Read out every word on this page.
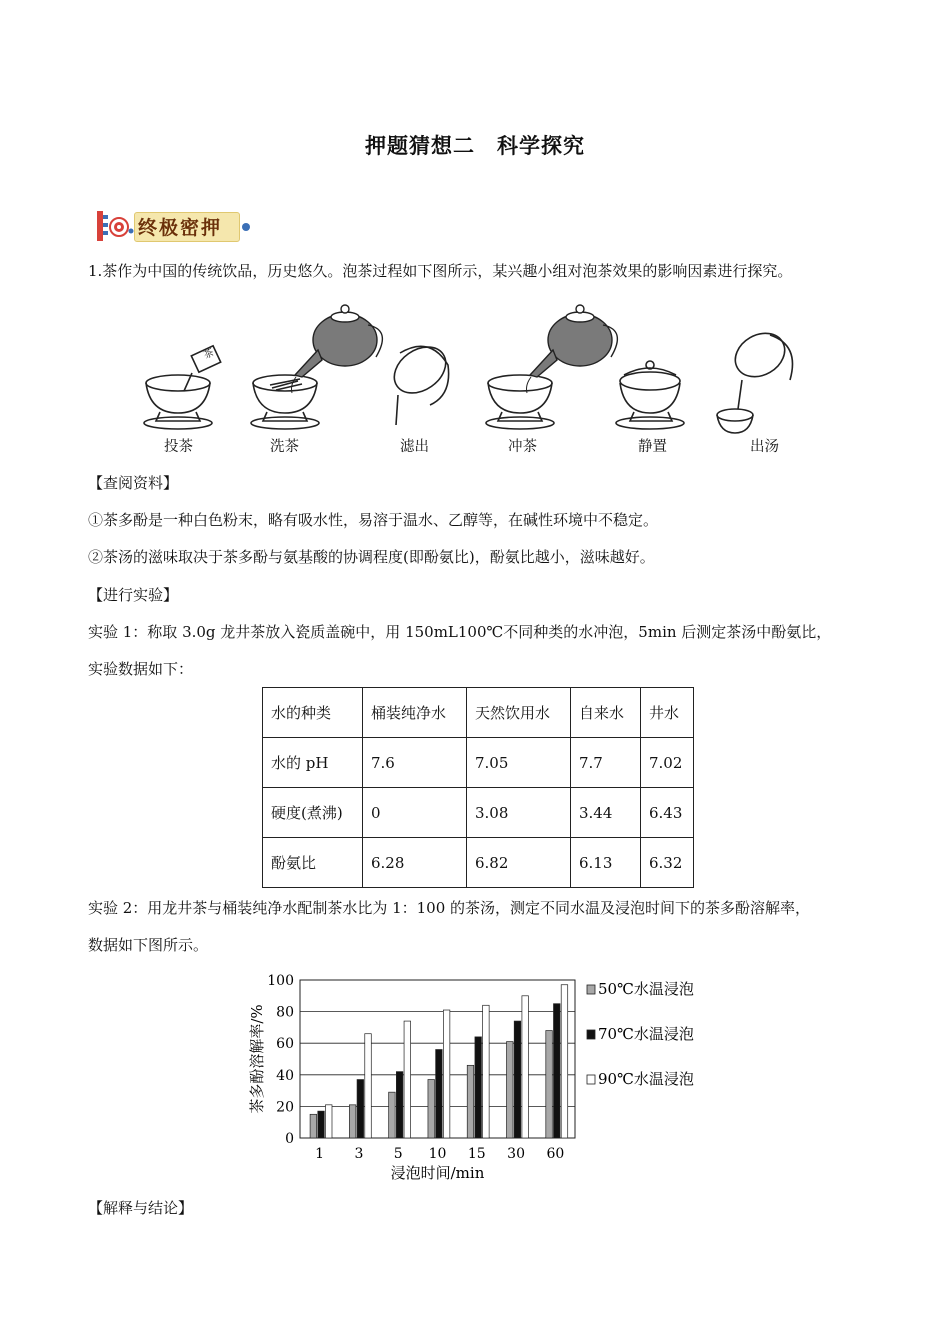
押题猜想二　科学探究
终极密押
1.茶作为中国的传统饮品，历史悠久。泡茶过程如下图所示，某兴趣小组对泡茶效果的影响因素进行探究。
茶
投茶	洗茶	滤出	冲茶	静置	出汤
【查阅资料】
①茶多酚是一种白色粉末，略有吸水性，易溶于温水、乙醇等，在碱性环境中不稳定。
②茶汤的滋味取决于茶多酚与氨基酸的协调程度(即酚氨比)，酚氨比越小，滋味越好。
【进行实验】
实验 1：称取 3.0g 龙井茶放入瓷质盖碗中，用 150mL100℃不同种类的水冲泡，5min 后测定茶汤中酚氨比，
实验数据如下：
水的种类	桶装纯净水	天然饮用水	自来水	井水
水的 pH	7.6	7.05	7.7	7.02
硬度(煮沸)	0	3.08	3.44	6.43
酚氨比	6.28	6.82	6.13	6.32
实验 2：用龙井茶与桶装纯净水配制茶水比为 1：100 的茶汤，测定不同水温及浸泡时间下的茶多酚溶解率，
数据如下图所示。
0
20
40
60
80
100
1 3 5 10 15 30 60
浸泡时间/min
茶多酚溶解率/%
50℃水温浸泡
70℃水温浸泡
90℃水温浸泡
【解释与结论】
